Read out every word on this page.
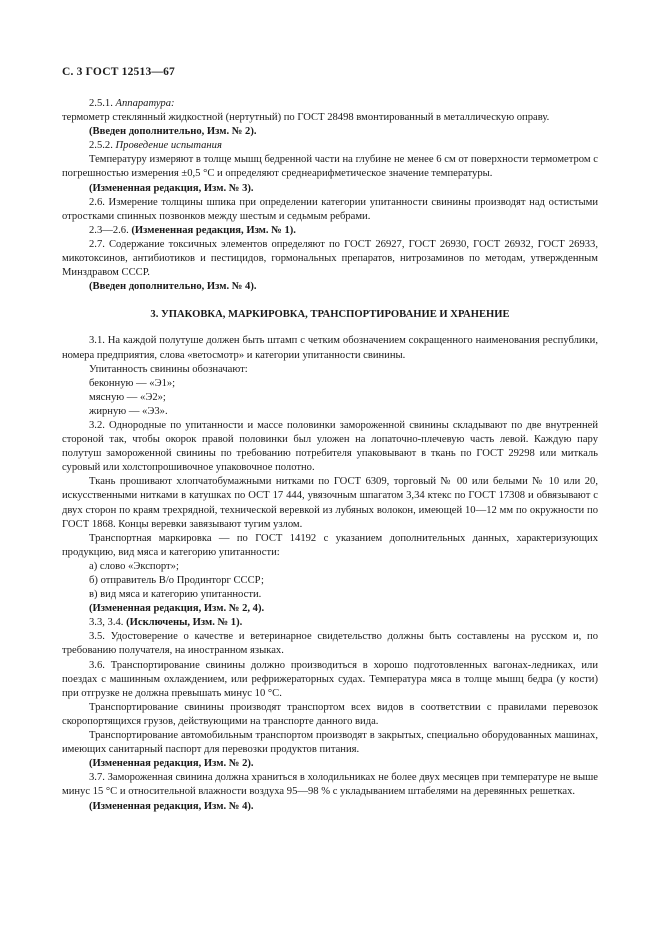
С. 3 ГОСТ 12513—67

2.5.1. Аппаратура:

термометр стеклянный жидкостной (нертутный) по ГОСТ 28498 вмонтированный в металлическую оправу.

(Введен дополнительно, Изм. № 2).

2.5.2. Проведение испытания

Температуру измеряют в толще мышц бедренной части на глубине не менее 6 см от поверхности термометром с погрешностью измерения ±0,5 °С и определяют среднеарифметическое значение температуры.

(Измененная редакция, Изм. № 3).

2.6. Измерение толщины шпика при определении категории упитанности свинины производят над остистыми отростками спинных позвонков между шестым и седьмым ребрами.

2.3—2.6. (Измененная редакция, Изм. № 1).

2.7. Содержание токсичных элементов определяют по ГОСТ 26927, ГОСТ 26930, ГОСТ 26932, ГОСТ 26933, микотоксинов, антибиотиков и пестицидов, гормональных препаратов, нитрозаминов по методам, утвержденным Минздравом СССР.

(Введен дополнительно, Изм. № 4).

3. УПАКОВКА, МАРКИРОВКА, ТРАНСПОРТИРОВАНИЕ И ХРАНЕНИЕ

3.1. На каждой полутуше должен быть штамп с четким обозначением сокращенного наименования республики, номера предприятия, слова «ветосмотр» и категории упитанности свинины.

Упитанность свинины обозначают:

беконную — «Э1»;

мясную — «Э2»;

жирную — «Э3».

3.2. Однородные по упитанности и массе половинки замороженной свинины складывают по две внутренней стороной так, чтобы окорок правой половинки был уложен на лопаточно-плечевую часть левой. Каждую пару полутуш замороженной свинины по требованию потребителя упаковывают в ткань по ГОСТ 29298 или миткаль суровый или холстопрошивочное упаковочное полотно.

Ткань прошивают хлопчатобумажными нитками по ГОСТ 6309, торговый № 00 или белыми № 10 или 20, искусственными нитками в катушках по ОСТ 17 444, увязочным шпагатом 3,34 ктекс по ГОСТ 17308 и обвязывают с двух сторон по краям трехрядной, технической веревкой из лубяных волокон, имеющей 10—12 мм по окружности по ГОСТ 1868. Концы веревки завязывают тугим узлом.

Транспортная маркировка — по ГОСТ 14192 с указанием дополнительных данных, характеризующих продукцию, вид мяса и категорию упитанности:

а) слово «Экспорт»;

б) отправитель В/о Продинторг СССР;

в) вид мяса и категорию упитанности.

(Измененная редакция, Изм. № 2, 4).

3.3, 3.4. (Исключены, Изм. № 1).

3.5. Удостоверение о качестве и ветеринарное свидетельство должны быть составлены на русском и, по требованию получателя, на иностранном языках.

3.6. Транспортирование свинины должно производиться в хорошо подготовленных вагонах-ледниках, или поездах с машинным охлаждением, или рефрижераторных судах. Температура мяса в толще мышц бедра (у кости) при отгрузке не должна превышать минус 10 °С.

Транспортирование свинины производят транспортом всех видов в соответствии с правилами перевозок скоропортящихся грузов, действующими на транспорте данного вида.

Транспортирование автомобильным транспортом производят в закрытых, специально оборудованных машинах, имеющих санитарный паспорт для перевозки продуктов питания.

(Измененная редакция, Изм. № 2).

3.7. Замороженная свинина должна храниться в холодильниках не более двух месяцев при температуре не выше минус 15 °С и относительной влажности воздуха 95—98 % с укладыванием штабелями на деревянных решетках.

(Измененная редакция, Изм. № 4).
